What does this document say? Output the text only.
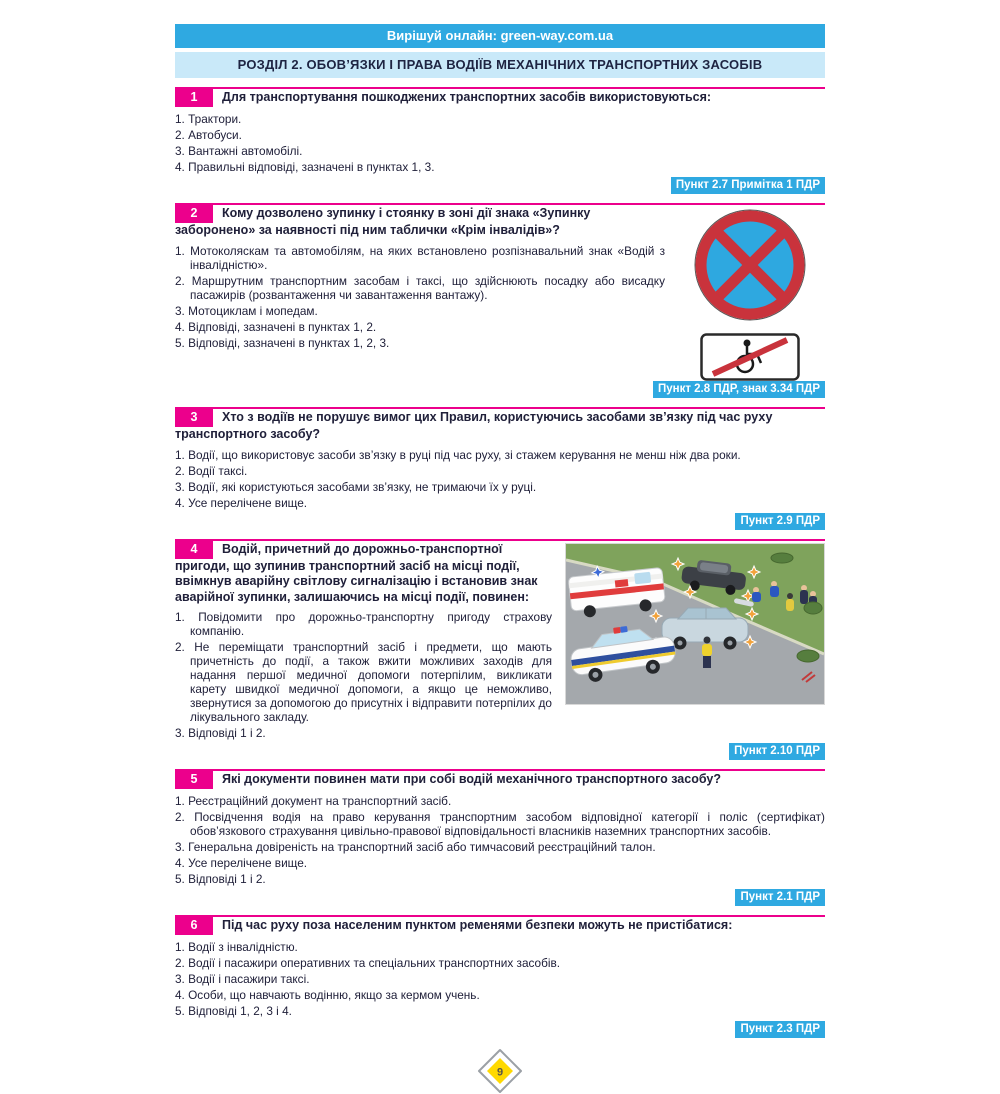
Вирішуй онлайн: green-way.com.ua
РОЗДІЛ 2. ОБОВ’ЯЗКИ І ПРАВА ВОДІЇВ МЕХАНІЧНИХ ТРАНСПОРТНИХ ЗАСОБІВ
1 Для транспортування пошкоджених транспортних засобів використовуються:
1. Трактори.
2. Автобуси.
3. Вантажні автомобілі.
4. Правильні відповіді, зазначені в пунктах 1, 3.
Пункт 2.7 Примітка 1 ПДР
2 Кому дозволено зупинку і стоянку в зоні дії знака «Зупинку заборонено» за наявності під ним таблички «Крім інвалідів»?
1. Мотоколяскам та автомобілям, на яких встановлено розпізнавальний знак «Водій з інвалідністю».
2. Маршрутним транспортним засобам і таксі, що здійснюють посадку або висадку пасажирів (розвантаження чи завантаження вантажу).
3. Мотоциклам і мопедам.
4. Відповіді, зазначені в пунктах 1, 2.
5. Відповіді, зазначені в пунктах 1, 2, 3.
Пункт 2.8 ПДР, знак 3.34 ПДР
3 Хто з водіїв не порушує вимог цих Правил, користуючись засобами зв’язку під час руху транспортного засобу?
1. Водії, що використовує засоби зв’язку в руці під час руху, зі стажем керування не менш ніж два роки.
2. Водії таксі.
3. Водії, які користуються засобами зв’язку, не тримаючи їх у руці.
4. Усе перелічене вище.
Пункт 2.9 ПДР
4 Водій, причетний до дорожньо-транспортної пригоди, що зупинив транспортний засіб на місці події, ввімкнув аварійну світлову сигналізацію і встановив знак аварійної зупинки, залишаючись на місці події, повинен:
1. Повідомити про дорожньо-транспортну пригоду страхову компанію.
2. Не переміщати транспортний засіб і предмети, що мають причетність до події, а також вжити можливих заходів для надання першої медичної допомоги потерпілим, викликати карету швидкої медичної допомоги, а якщо це неможливо, звернутися за допомогою до присутніх і відправити потерпілих до лікувального закладу.
3. Відповіді 1 і 2.
Пункт 2.10 ПДР
5 Які документи повинен мати при собі водій механічного транспортного засобу?
1. Реєстраційний документ на транспортний засіб.
2. Посвідчення водія на право керування транспортним засобом відповідної категорії і поліс (сертифікат) обов’язкового страхування цивільно-правової відповідальності власників наземних транспортних засобів.
3. Генеральна довіреність на транспортний засіб або тимчасовий реєстраційний талон.
4. Усе перелічене вище.
5. Відповіді 1 і 2.
Пункт 2.1 ПДР
6 Під час руху поза населеним пунктом ременями безпеки можуть не пристібатися:
1. Водії з інвалідністю.
2. Водії і пасажири оперативних та спеціальних транспортних засобів.
3. Водії і пасажири таксі.
4. Особи, що навчають водінню, якщо за кермом учень.
5. Відповіді 1, 2, 3 і 4.
Пункт 2.3 ПДР
9
